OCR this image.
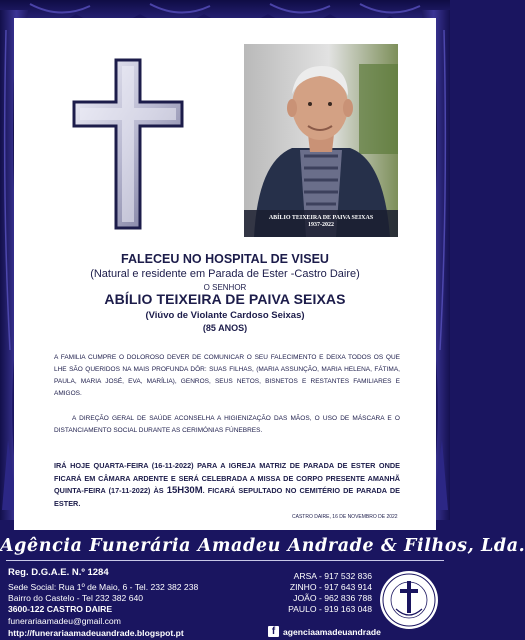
ABÍLIO TEIXEIRA DE PAIVA SEIXAS
1937-2022
FALECEU NO HOSPITAL DE VISEU
(Natural e residente em Parada de Ester -Castro Daire)
O SENHOR
ABÍLIO TEIXEIRA DE PAIVA SEIXAS
(Viúvo de Violante Cardoso Seixas)
(85 ANOS)
A FAMILIA CUMPRE O DOLOROSO DEVER DE COMUNICAR O SEU FALECIMENTO E DEIXA TODOS OS QUE LHE SÃO QUERIDOS NA MAIS PROFUNDA DÔR: SUAS FILHAS, (MARIA ASSUNÇÃO, MARIA HELENA, FÁTIMA, PAULA, MARIA JOSÉ, EVA, MARÍLIA), GENROS, SEUS NETOS, BISNETOS E RESTANTES FAMILIARES E AMIGOS.
A DIREÇÃO GERAL DE SAÚDE ACONSELHA A HIGIENIZAÇÃO DAS MÃOS, O USO DE MÁSCARA E O DISTANCIAMENTO SOCIAL DURANTE AS CERIMÓNIAS FÚNEBRES.
IRÁ HOJE QUARTA-FEIRA (16-11-2022) PARA A IGREJA MATRIZ DE PARADA DE ESTER ONDE FICARÁ EM CÂMARA ARDENTE E SERÁ CELEBRADA A MISSA DE CORPO PRESENTE AMANHÃ QUINTA-FEIRA (17-11-2022) ÀS 15H30M. FICARÁ SEPULTADO NO CEMITÉRIO DE PARADA DE ESTER.
CASTRO DAIRE, 16 DE NOVEMBRO DE 2022
Agência Funerária Amadeu Andrade & Filhos, Lda.
Reg. D.G.A.E. N.º 1284
Sede Social: Rua 1º de Maio, 6 - Tel. 232 382 238
Bairro do Castelo - Tel 232 382 640
3600-122 CASTRO DAIRE
funerariaamadeu@gmail.com
http://funerariaamadeuandrade.blogspot.pt
ARSA - 917 532 836
ZINHO - 917 643 914
JOÃO - 962 836 788
PAULO - 919 163 048
f agenciaamadeuandrade
